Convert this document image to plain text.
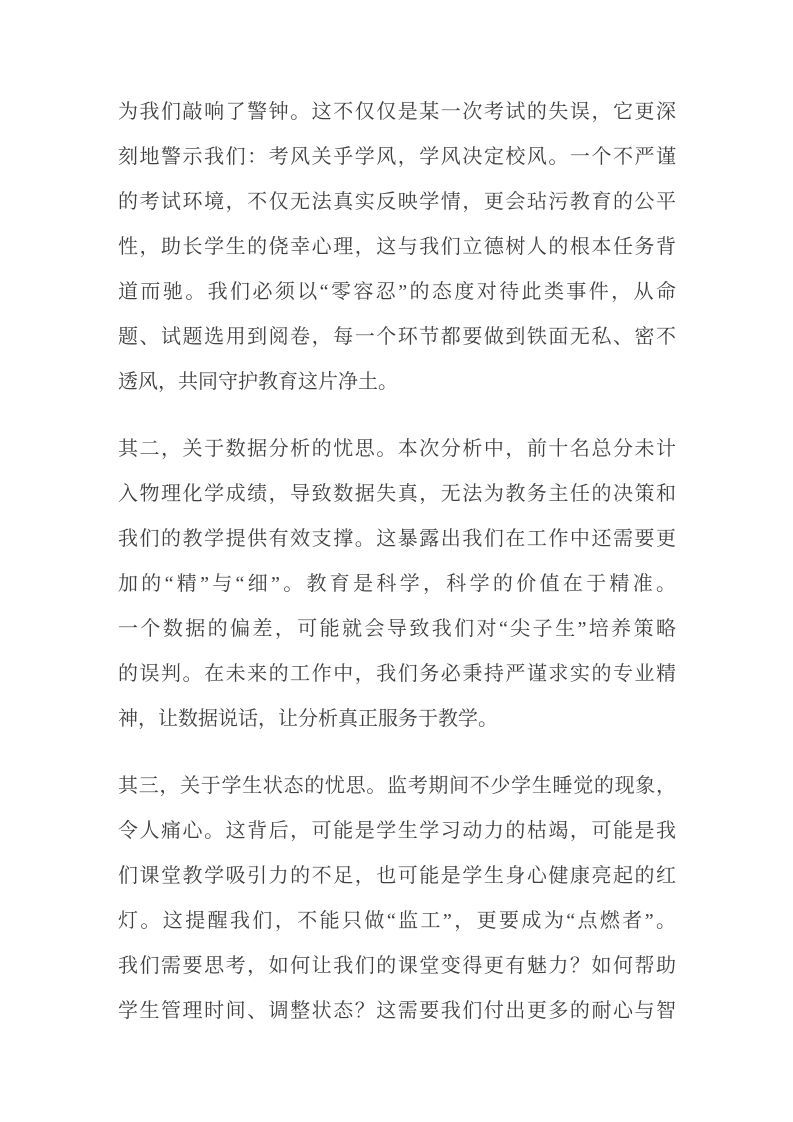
为我们敲响了警钟。这不仅仅是某一次考试的失误，它更深
刻地警示我们：考风关乎学风，学风决定校风。一个不严谨
的考试环境，不仅无法真实反映学情，更会玷污教育的公平
性，助长学生的侥幸心理，这与我们立德树人的根本任务背
道而驰。我们必须以“零容忍”的态度对待此类事件，从命
题、试题选用到阅卷，每一个环节都要做到铁面无私、密不
透风，共同守护教育这片净土。
其二，关于数据分析的忧思。本次分析中，前十名总分未计
入物理化学成绩，导致数据失真，无法为教务主任的决策和
我们的教学提供有效支撑。这暴露出我们在工作中还需要更
加的“精”与“细”。教育是科学，科学的价值在于精准。
一个数据的偏差，可能就会导致我们对“尖子生”培养策略
的误判。在未来的工作中，我们务必秉持严谨求实的专业精
神，让数据说话，让分析真正服务于教学。
其三，关于学生状态的忧思。监考期间不少学生睡觉的现象，
令人痛心。这背后，可能是学生学习动力的枯竭，可能是我
们课堂教学吸引力的不足，也可能是学生身心健康亮起的红
灯。这提醒我们，不能只做“监工”，更要成为“点燃者”。
我们需要思考，如何让我们的课堂变得更有魅力？如何帮助
学生管理时间、调整状态？这需要我们付出更多的耐心与智
